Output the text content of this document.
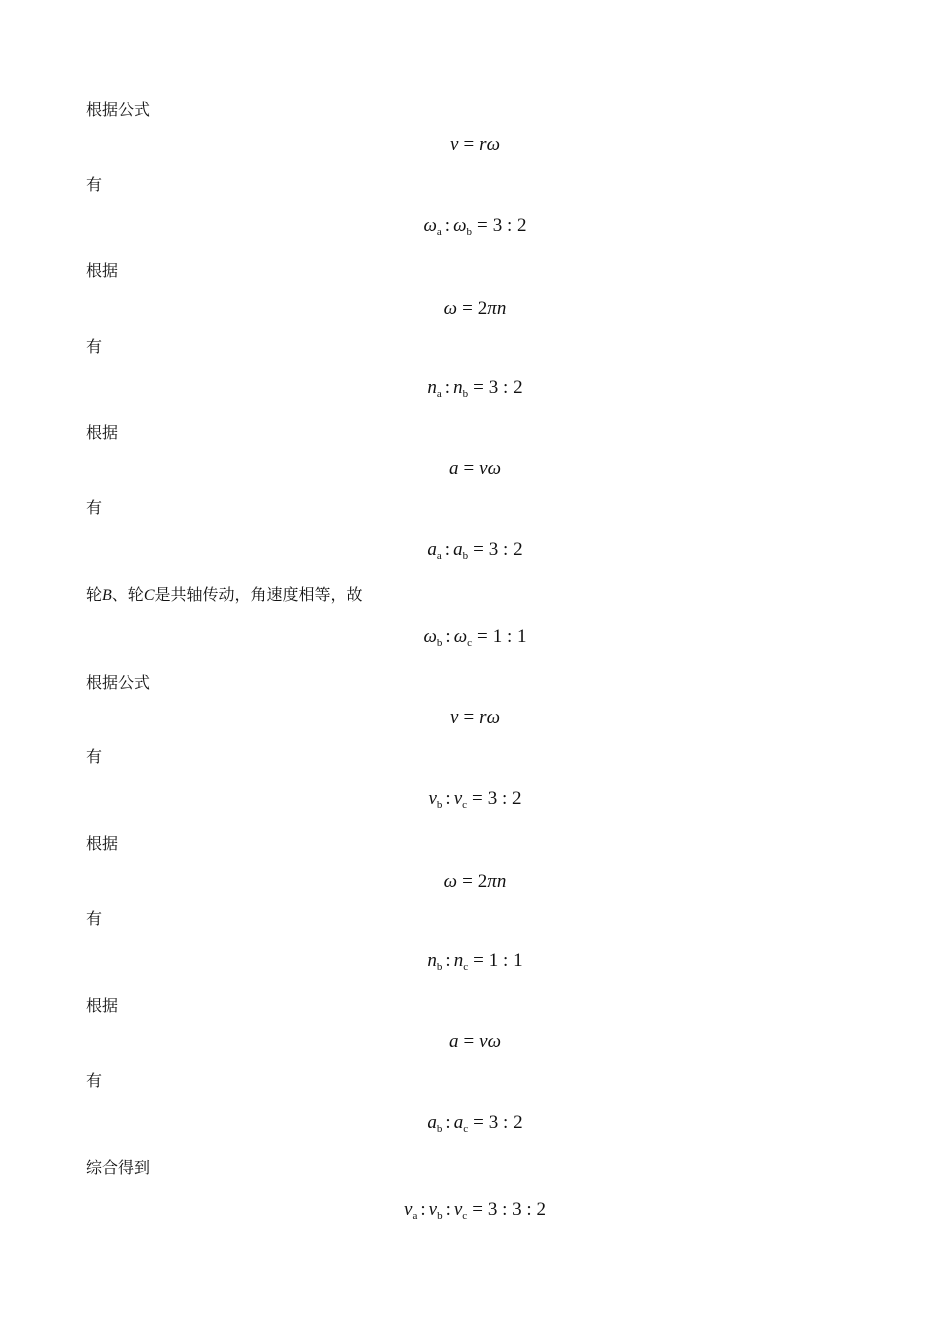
根据公式
v = rω
有
$\omega_a$ : $\omega_b = 3$ : 2
根据
ω = 2πn
有
$n_a$ : $n_b = 3$ : 2
根据
a = vω
有
$a_a$ : $a_b = 3$ : 2
轮B、轮C是共轴传动，角速度相等，故
$\omega_b$ : $\omega_c = 1$ : 1
根据公式
v = rω
有
$v_b$ : $v_c = 3$ : 2
根据
ω = 2πn
有
$n_b$ : $n_c = 1$ : 1
根据
a = vω
有
$a_b$ : $a_c = 3$ : 2
综合得到
$v_a$ : $v_b$ : $v_c = 3$ : 3 : 2
